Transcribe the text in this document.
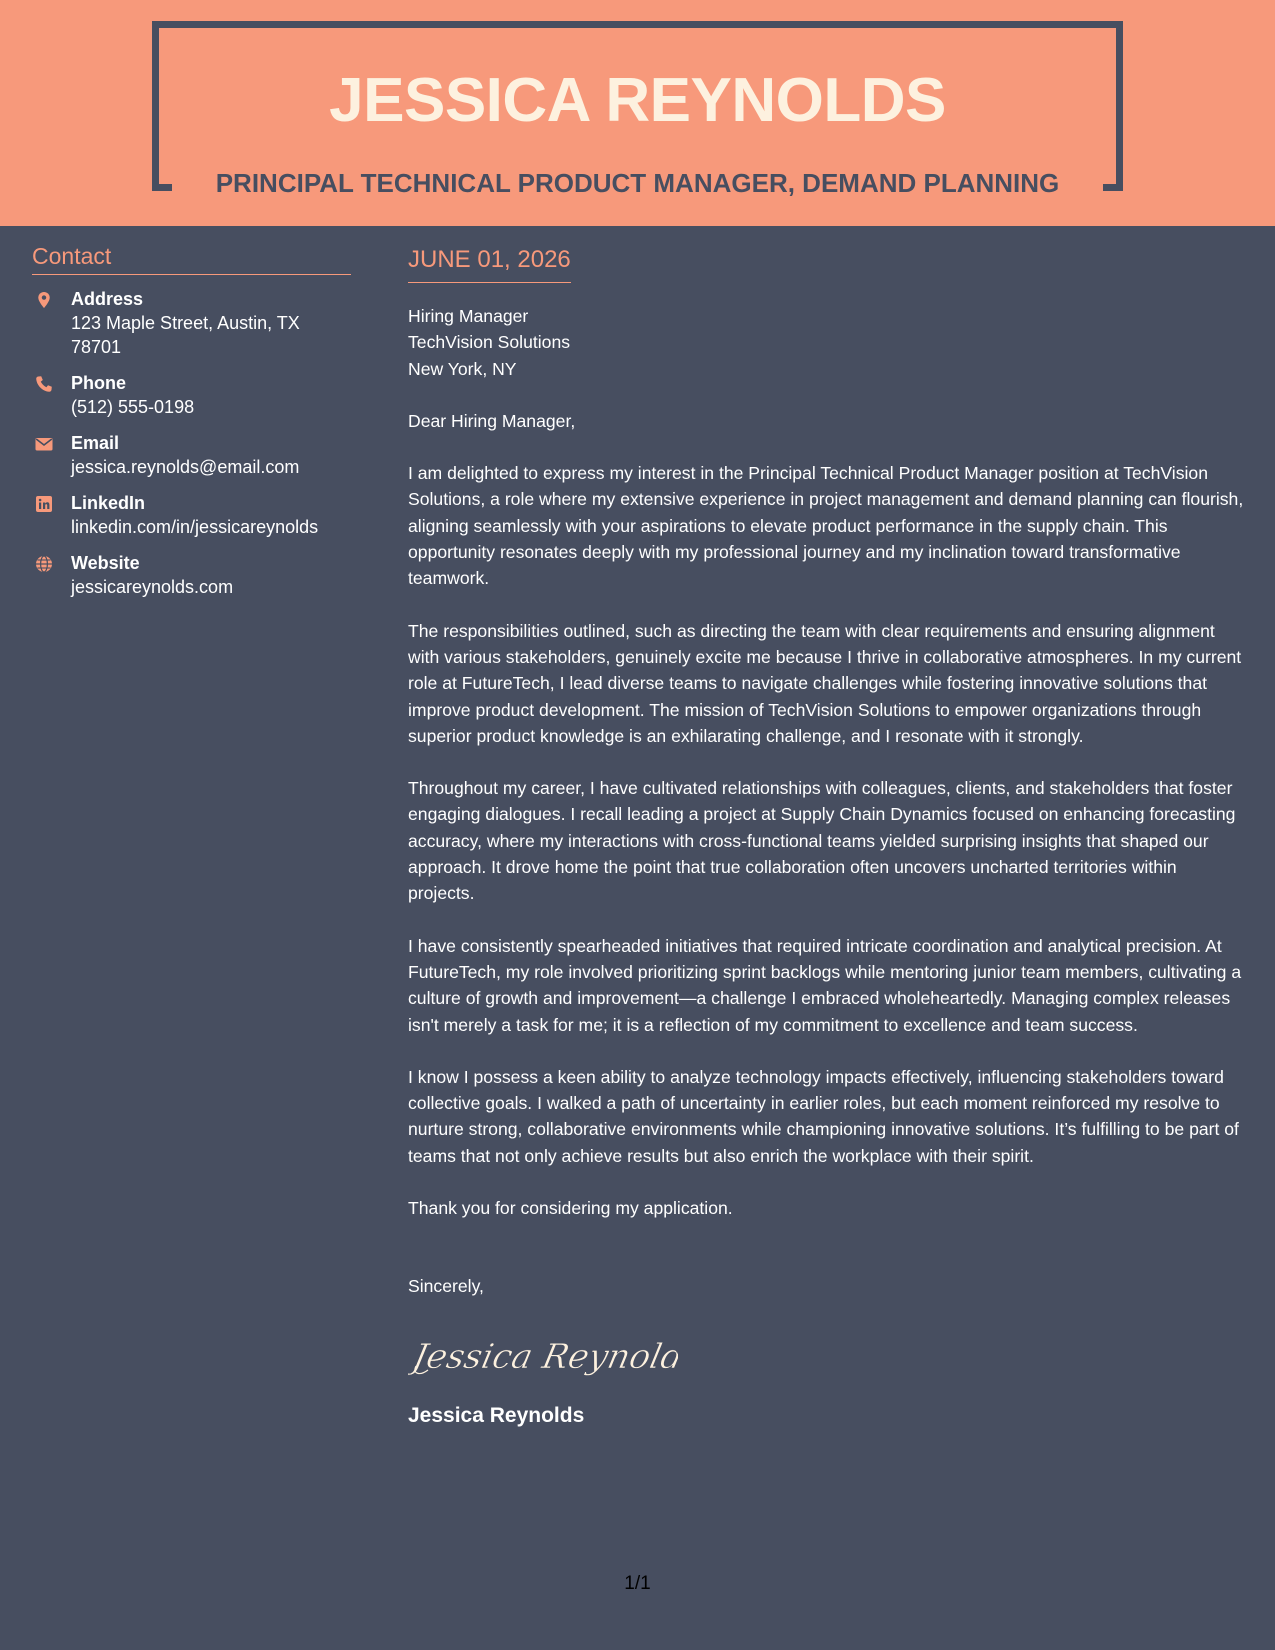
JESSICA REYNOLDS
PRINCIPAL TECHNICAL PRODUCT MANAGER, DEMAND PLANNING
Contact
Address
123 Maple Street, Austin, TX 78701
Phone
(512) 555-0198
Email
jessica.reynolds@email.com
LinkedIn
linkedin.com/in/jessicareynolds
Website
jessicareynolds.com
JUNE 01, 2026
Hiring Manager
TechVision Solutions
New York, NY
Dear Hiring Manager,
I am delighted to express my interest in the Principal Technical Product Manager position at TechVision Solutions, a role where my extensive experience in project management and demand planning can flourish, aligning seamlessly with your aspirations to elevate product performance in the supply chain. This opportunity resonates deeply with my professional journey and my inclination toward transformative teamwork.
The responsibilities outlined, such as directing the team with clear requirements and ensuring alignment with various stakeholders, genuinely excite me because I thrive in collaborative atmospheres. In my current role at FutureTech, I lead diverse teams to navigate challenges while fostering innovative solutions that improve product development. The mission of TechVision Solutions to empower organizations through superior product knowledge is an exhilarating challenge, and I resonate with it strongly.
Throughout my career, I have cultivated relationships with colleagues, clients, and stakeholders that foster engaging dialogues. I recall leading a project at Supply Chain Dynamics focused on enhancing forecasting accuracy, where my interactions with cross-functional teams yielded surprising insights that shaped our approach. It drove home the point that true collaboration often uncovers uncharted territories within projects.
I have consistently spearheaded initiatives that required intricate coordination and analytical precision. At FutureTech, my role involved prioritizing sprint backlogs while mentoring junior team members, cultivating a culture of growth and improvement—a challenge I embraced wholeheartedly. Managing complex releases isn't merely a task for me; it is a reflection of my commitment to excellence and team success.
I know I possess a keen ability to analyze technology impacts effectively, influencing stakeholders toward collective goals. I walked a path of uncertainty in earlier roles, but each moment reinforced my resolve to nurture strong, collaborative environments while championing innovative solutions. It’s fulfilling to be part of teams that not only achieve results but also enrich the workplace with their spirit.
Thank you for considering my application.
Sincerely,
Jessica Reynolds
Jessica Reynolds
1/1
